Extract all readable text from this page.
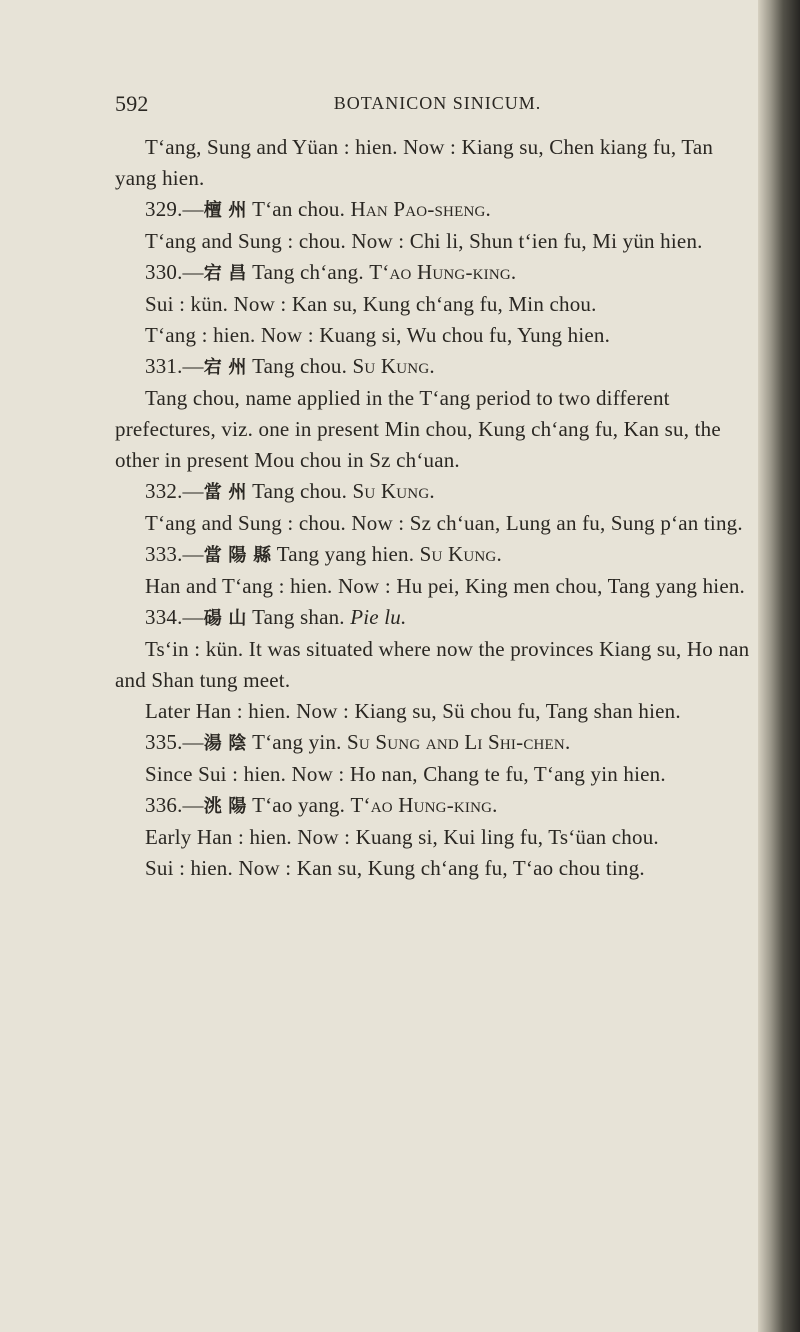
592	BOTANICON SINICUM.

T‘ang, Sung and Yüan : hien. Now : Kiang su, Chen kiang fu, Tan yang hien.

329.—檀 州 T‘an chou. Han Pao-sheng.

T‘ang and Sung : chou. Now : Chi li, Shun t‘ien fu, Mi yün hien.

330.—宕 昌 Tang ch‘ang. T‘ao Hung-king.

Sui : kün. Now : Kan su, Kung ch‘ang fu, Min chou.

T‘ang : hien. Now : Kuang si, Wu chou fu, Yung hien.

331.—宕 州 Tang chou. Su Kung.

Tang chou, name applied in the T‘ang period to two different prefectures, viz. one in present Min chou, Kung ch‘ang fu, Kan su, the other in present Mou chou in Sz ch‘uan.

332.—當 州 Tang chou. Su Kung.

T‘ang and Sung : chou. Now : Sz ch‘uan, Lung an fu, Sung p‘an ting.

333.—當 陽 縣 Tang yang hien. Su Kung.

Han and T‘ang : hien. Now : Hu pei, King men chou, Tang yang hien.

334.—碭 山 Tang shan. Pie lu.

Ts‘in : kün. It was situated where now the provinces Kiang su, Ho nan and Shan tung meet.

Later Han : hien. Now : Kiang su, Sü chou fu, Tang shan hien.

335.—湯 陰 T‘ang yin. Su Sung and Li Shi-chen.

Since Sui : hien. Now : Ho nan, Chang te fu, T‘ang yin hien.

336.—洮 陽 T‘ao yang. T‘ao Hung-king.

Early Han : hien. Now : Kuang si, Kui ling fu, Ts‘üan chou.

Sui : hien. Now : Kan su, Kung ch‘ang fu, T‘ao chou ting.
